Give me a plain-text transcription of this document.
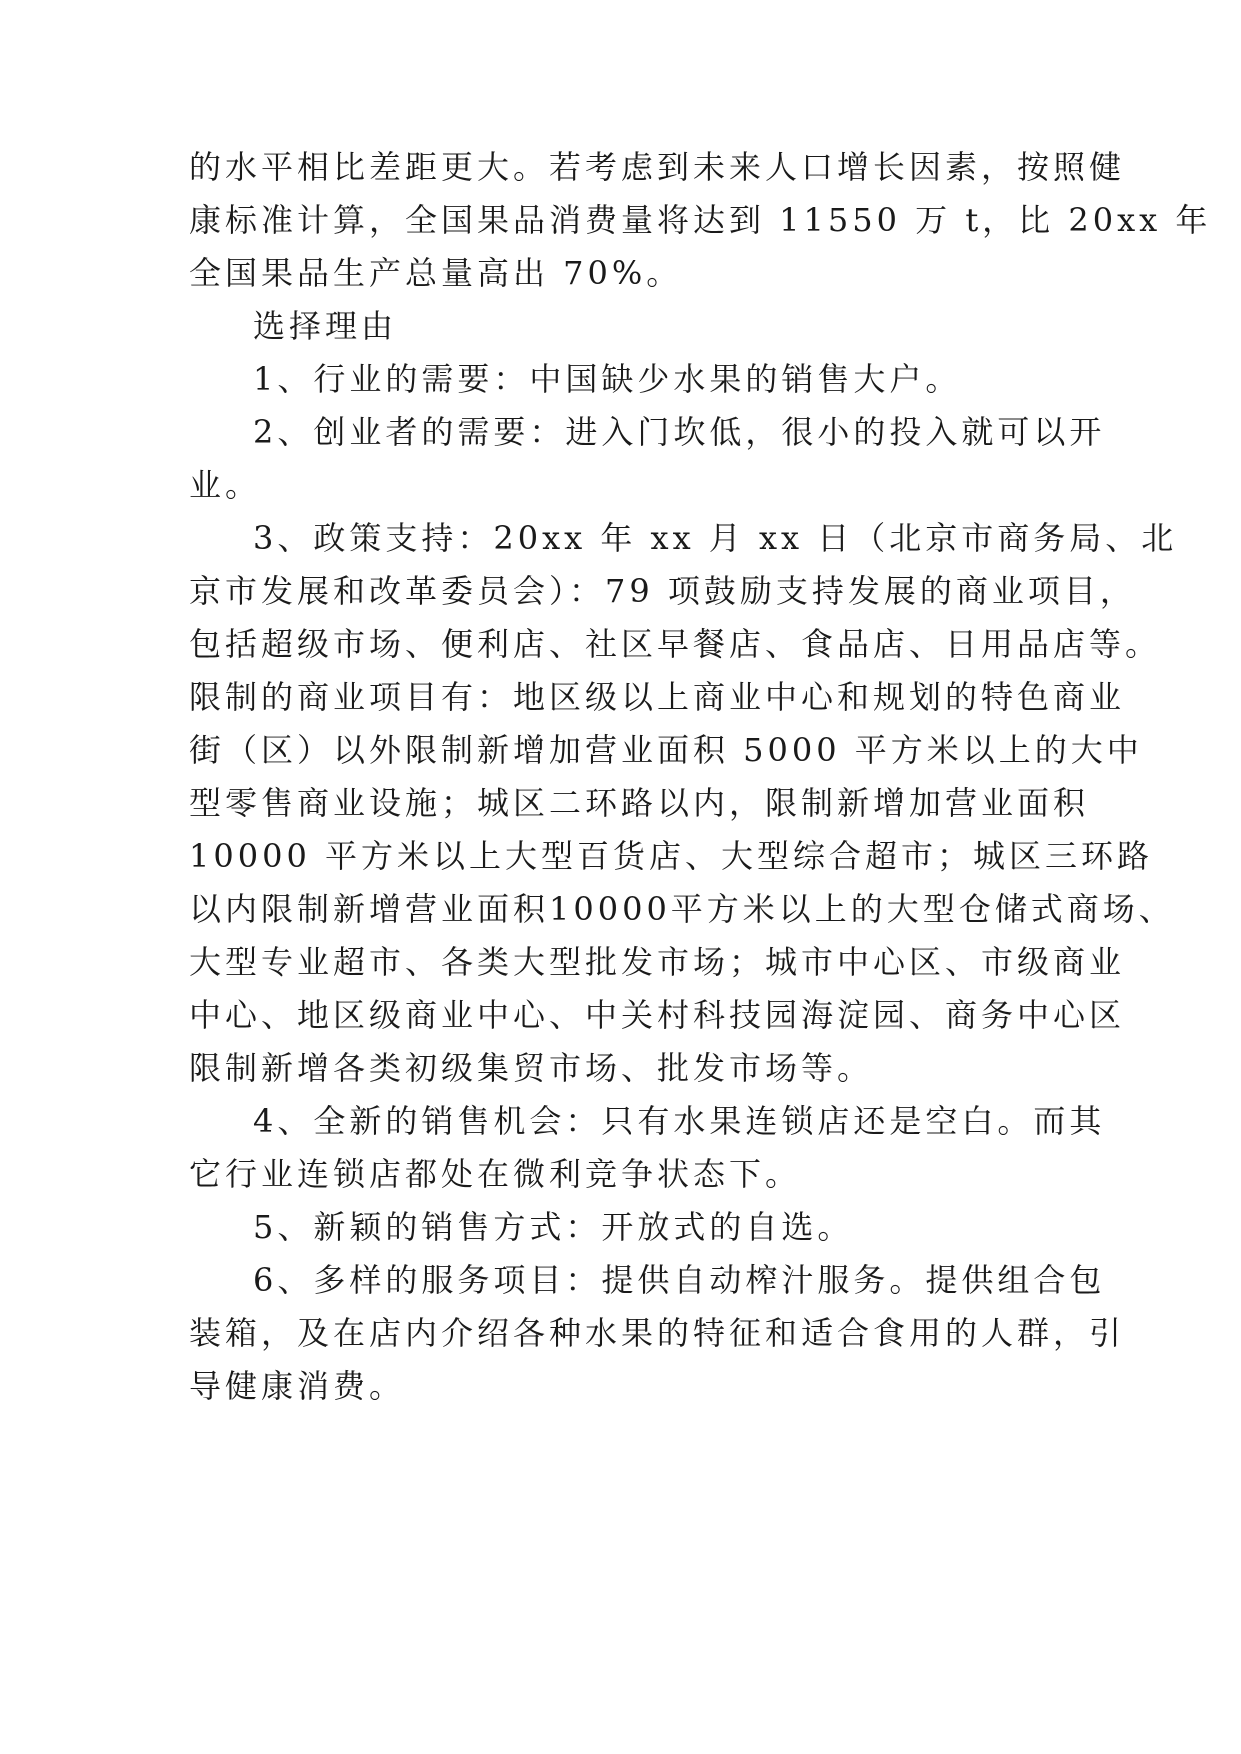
的水平相比差距更大。若考虑到未来人口增长因素，按照健
康标准计算，全国果品消费量将达到 11550 万 t，比 20xx 年
全国果品生产总量高出 70%。
选择理由
1、行业的需要：中国缺少水果的销售大户。
2、创业者的需要：进入门坎低，很小的投入就可以开
业。
3、政策支持：20xx 年 xx 月 xx 日（北京市商务局、北
京市发展和改革委员会）：79 项鼓励支持发展的商业项目，
包括超级市场、便利店、社区早餐店、食品店、日用品店等。
限制的商业项目有：地区级以上商业中心和规划的特色商业
街（区）以外限制新增加营业面积 5000 平方米以上的大中
型零售商业设施；城区二环路以内，限制新增加营业面积
10000 平方米以上大型百货店、大型综合超市；城区三环路
以内限制新增营业面积10000平方米以上的大型仓储式商场、
大型专业超市、各类大型批发市场；城市中心区、市级商业
中心、地区级商业中心、中关村科技园海淀园、商务中心区
限制新增各类初级集贸市场、批发市场等。
4、全新的销售机会：只有水果连锁店还是空白。而其
它行业连锁店都处在微利竞争状态下。
5、新颖的销售方式：开放式的自选。
6、多样的服务项目：提供自动榨汁服务。提供组合包
装箱，及在店内介绍各种水果的特征和适合食用的人群，引
导健康消费。
